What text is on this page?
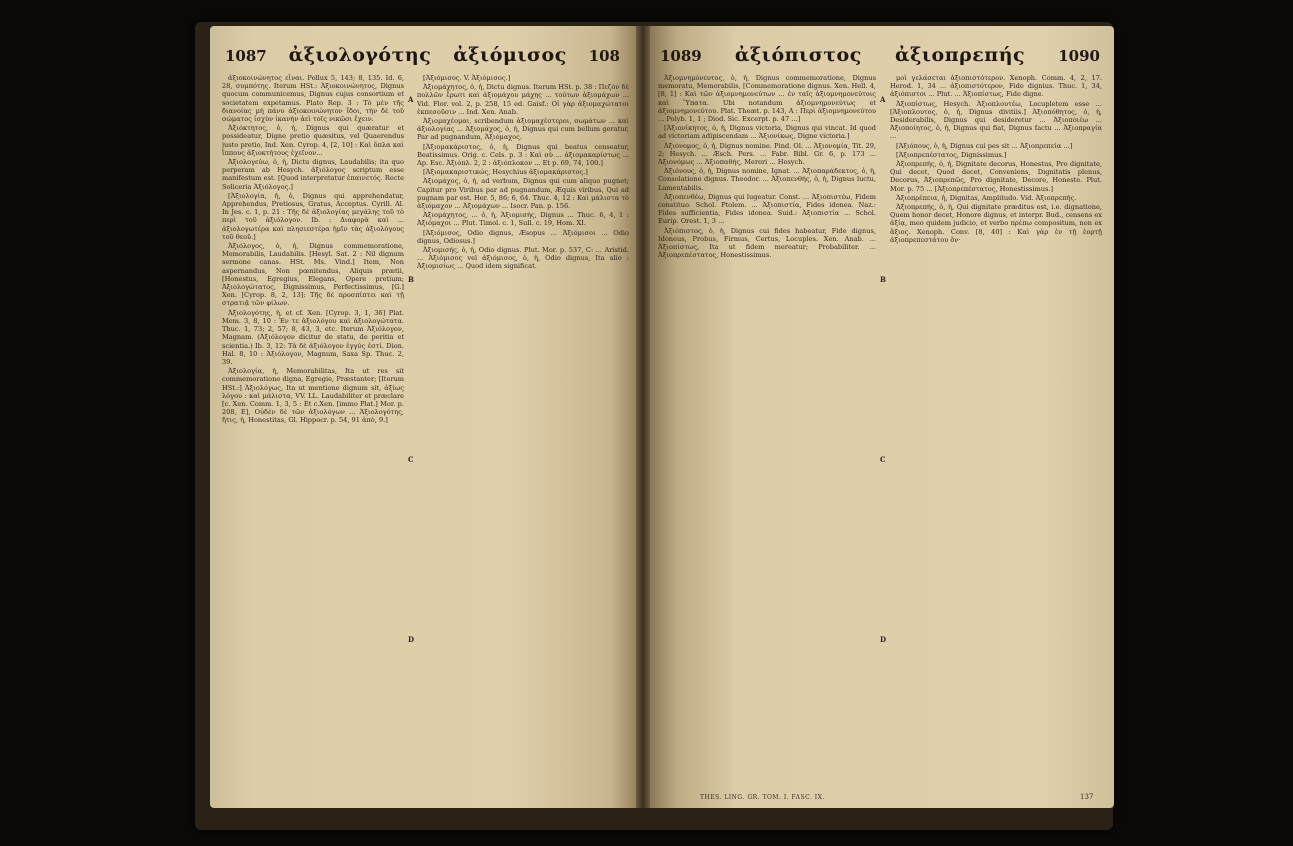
1087 ἀξιολογότης ἀξιόμισος 108	1089 ἀξιόπιστος ἀξιοπρεπής 1090

ἀξιοκοινώνητος εἶναι. Pollux 5, 143; 8, 135. Id. 6, 28, συμπότης. Iterum HSt.: Ἀξιοκοινώνητος, Dignus quocum communicemus, Dignus cujus consortium et societatem expetamus. Plato Rep. 3 : Τὸ μὲν τῆς διανοίας μὴ πάνυ ἀξιοκοινώνητον ἴδοι, τὴν δὲ τοῦ σώματος ἰσχὺν ἱκανὴν ἀεὶ τοῖς νικῶσι ἔχειν.

Ἀξιόκτητος, ὁ, ἡ, Dignus qui quæratur et possideatur, Digne pretio quæsitus, vel Quaerendus justo pretio, Ind. Xen. Cyrop. 4, [2, 10] : Καὶ ὅπλα καὶ ἵππους ἀξιοκτήτους ἐχεῖνον...

Ἀξιολογεύω, ὁ, ἡ, Dictu dignus, Laudabilis; ita quo perperam ab Hesych. ἀξιόλογος scriptum esse manifestum est. [Quod interpretatur ἐπαινετός. Recte Soliceria Ἀξιόλογος.]

[Ἀξιολογία, ἡ, ὁ, Dignus qui apprehendatur, Apprehendus, Pretiosus, Gratus, Acceptus. Cyrill. Al. In Jes. c. 1, p. 21 : Τῆς δὲ ἀξιολογίας μεγάλης τοῦ τὸ περὶ τοῦ ἀξιόλογον. Ib. : Διαφορὰ καὶ ... ἀξιολογωτέρα καὶ πλησιεστέρα ἡμῖν τὰς ἀξιολόγους τοῦ θεοῦ.]

Ἀξιόλογος, ὁ, ἡ, Dignus commemoratione, Memorabilis, Laudabilis. [Hesyl. Sat. 2 : Nil dignum sermone canas. HSt. Ms. Vind.] Item, Non aspernandus, Non pœnitendus, Aliquis prætii, [Honestus, Egregius, Elegans, Opere pretium; Ἀξιολογώτατος, Dignissimus, Perfectissimus, [G.] Xen. [Cyrop. 8, 2, 13]: Τῆς δὲ προσπίπτει καὶ τῇ στρατιᾷ τῶν φίλων.

Ἀξιολογότης, ἡ, et cf. Xen. [Cyrop. 3, 1, 36] Plat. Mem. 3, 8, 10 : Ἐν τε ἀξιολόγου καὶ ἀξιολογώτατα. Thuc. 1, 73; 2, 57; 8, 43, 3, etc. Iterum Ἀξιόλογον, Magnam. (Ἀξιόλογον dicitur de statu, de peritia et scientia.) Ib. 3, 12: Τὰ δὲ ἀξιόλογον ἐγγύς ἐστί. Dion. Hal. 8, 10 : Ἀξιόλογον, Magnum, Saxa Sp. Thuc. 2, 39.

Ἀξιολογία, ἡ, Memorabilitas, Ita ut res sit commemoratione digna, Egregie, Præstanter; [Iterum HSt.:] Ἀξιολόγως, Ita ut mentione dignum sit, ἀξίως λόγου : καὶ μάλιστα, VV. LL. Laudabiliter et præclare [c. Xen. Comm. 1, 3, 5 : Et c.Xen. [immo Plat.] Mor. p. 208, E], Οὐδὲν δὲ τῶν ἀξιολόγων ... Ἀξιολογότης, ἥτις, ἡ, Honestitas, Gl. Hippocr. p. 54, 91 ἀπὸ, 9.]

[Ἀξιόμισος. V. Ἀξιόμισος.]

Ἀξιομάχητος, ὁ, ἡ, Dictu dignus. Iterum HSt. p. 38 : Πεζὸν δὲ πολλῶν ἔρωτι καὶ ἀξιομάχου μάχης ... τούτων ἀξιομάχων ... Vid. Flor. vol. 2, p. 258, 15 ed. Gaisf.: Οἱ γὰρ ἀξιομαχώτατοι ἐκπεσοῦσιν ... Ind. Xen. Anab.

Ἀξιομαχέομαι, scribendum ἀξιομαχέστεροι, σωμάτων ... καὶ ἀξιολογίας ... Ἀξιομάχος, ὁ, ἡ, Dignus qui cum bellum geratur, Par ad pugnandum, Ἀξιόμαχος.

[Ἀξιομακάριστος, ὁ, ἡ, Dignus qui beatus censeatur, Beatissimus. Orig. c. Cels. p. 3 : Καὶ σὺ ... ἀξιομακαρίστως ... Ap. Esc. Ἀξιόπλ. 2, 2 : ἀξιόπλοκον ... Et p. 69, 74, 100.]

[Ἀξιομακαριστικώς, Hesychius ἀξιομακάριστος.]

Ἀξιομάχος, ὁ, ἡ, ad verbum, Dignus qui cum aliquo pugnet; Capitur pro Viribus par ad pugnandum, Æquis viribus, Qui ad pugnam par est. Her. 5, 86; 6, 64. Thuc. 4, 12 : Καὶ μάλιστα τὸ ἀξιόμαχον ... Ἀξιομάχων ... Isocr. Pan. p. 156.

Ἀξιομάχητος, ... ὁ, ἡ, Ἀξιομισής, Dignus ... Thuc. 6, 4, 1 : Ἀξιόμαχοι ... Plut. Timol. c. 1, Sull. c. 19, Hom. XI.

[Ἀξιόμισος, Odio dignus, Æsopus ... Ἀξιόμισοι ... Odio dignus, Odiosus.]

Ἀξιομισής, ὁ, ἡ, Odio dignus. Plut. Mor. p. 537, C: ... Aristid. ... Ἀξιόμισος vel ἀξιόμισος, ὁ, ἡ, Odio dignus, Ita alio : Ἀξιομισίως ... Quod idem significat.

Ἀξιομνημόνευτος, ὁ, ἡ, Dignus commemoratione, Dignus memoratu, Memorabilis, [Commemoratione dignus. Xen. Hell. 4, [8, 1] : Καὶ τῶν ἀξιομνημονεύτων ... ἐν ταῖς ἀξιομνημονεύτοις καὶ Ὕπατα. Ubi notandum ἀξιομνημονεύτως et ἀξιομνημονεύτου. Plat. Theæt. p. 143, A : Περὶ ἀξιομνημονεύτου ... Polyb. 1, 1 ; Diod. Sic. Excerpt. p. 47 ...]

[Ἀξιονίκητος, ὁ, ἡ, Dignus victoria, Dignus qui vincat. Id quod ad victoriam adipiscendam ... Ἀξιονίκως, Digne victoria.]

Ἀξιόνομος, ὁ, ἡ, Dignus nomine. Pind. Ol. ... Ἀξιονομία, Tit. 29, 2; Hesych. ... Æsch. Pers. ... Fabr. Bibl. Gr. 6, p. 173 ... Ἀξιονόμως ... Ἀξιοπαθής, Mereri ... Hesych.

Ἀξιόνους, ὁ, ἡ, Dignus nomine, Ignat. ... Ἀξιοπαράδεκτος, ὁ, ἡ, Consolatione dignus. Theodor. ... Ἀξιοπενθής, ὁ, ἡ, Dignus luctu, Lamentabilis.

Ἀξιοπενθέω, Dignus qui lugeatur. Const. ... Ἀξιοπιστέω, Fidem constituo. Schol. Ptolem. ... Ἀξιοπιστία, Fides idonea. Naz.: Fides sufficientia, Fides idonea. Suid.: Ἀξιοπιστία ... Schol. Eurip. Orest. 1, 3 ...

Ἀξιόπιστος, ὁ, ἡ, Dignus cui fides habeatur, Fide dignus, Idoneus, Probus, Firmus, Certus, Locuples. Xen. Anab. ... Ἀξιοπίστως, Ita ut fidem mereatur; Probabiliter. ... Ἀξιοπρεπέστατος, Honestissimus.

μοὶ γελάσεται ἀξιοπιστότερον. Xenoph. Comm. 4, 2, 17. Herod. 1, 34 ... ἀξιοπιστότερον, Fide dignius. Thuc. 1, 34, ἀξιόπιστοι ... Plut. ... Ἀξιοπίστως, Fide digne.

Ἀξιοπίστως, Hesych. Ἀξιοπλουτέω, Locupletem esse ... [Ἀξιοπλουτος, ὁ, ἡ, Dignus divitiis.] Ἀξιοπόθητος, ὁ, ἡ, Desiderabilis, Dignus qui desideretur ... Ἀξιοποιέω ... Ἀξιοποίητος, ὁ, ἡ, Dignus qui fiat, Dignus factu ... Ἀξιοπραγία ...

[Ἀξιόπους, ὁ, ἡ, Dignus cui pes sit ... Ἀξιοπρεπεία ...]

[Ἀξιοπρεπέστατος, Dignissimus.]

Ἀξιοπρεπής, ὁ, ἡ, Dignitate decorus, Honestus, Pro dignitate, Qui decet, Quod decet, Conveniens, Dignitatis plenus, Decorus, Ἀξιοπρεπῶς, Pro dignitate, Decore, Honeste. Plut. Mor. p. 75 ... [Ἀξιοπρεπέστατος, Honestissimus.]

Ἀξιοπρέπεια, ἡ, Dignitas, Amplitudo. Vid. Ἀξιοπρεπής.

Ἀξιοπρεπής, ὁ, ἡ, Qui dignitate præditus est, i.e. dignatione, Quem honor decet, Honore dignus, et interpr. Bud., censens ex ἀξίᾳ, meo quidem judicio, et verbo πρέπω compositum, non ex ἄξιος. Xenoph. Conv. [8, 40] : Καὶ γὰρ ἐν τῇ ἑορτῇ ἀξιοπρεπεστάτου ὄν·

A
B
C
D
A
B
C
D
THES. LING. GR. TOM. I. FASC. IX.	137
